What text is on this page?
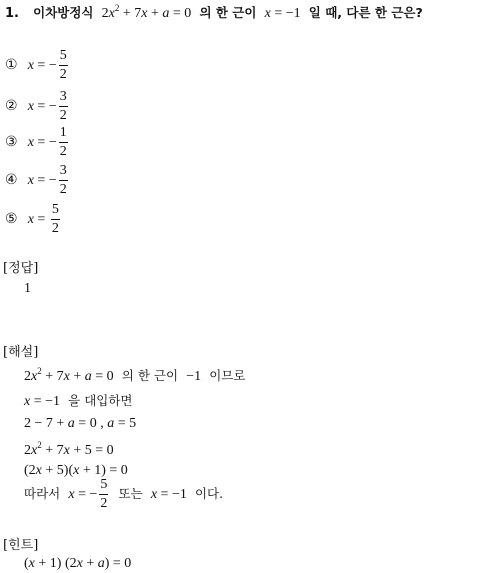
1. 이차방정식 $2x^2 + 7x + a = 0$ 의 한 근이 x = −1 일 때, 다른 한 근은?
① x = − $\frac{5}{2}$
② x = − $\frac{3}{2}$
③ x = − $\frac{1}{2}$
④ x = − $\frac{3}{2}$
⑤ $x = \frac{5}{2}$
[정답]
1
[해설]
$2x^2 + 7x + a = 0$ 의 한 근이 −1 이므로
x = −1 을 대입하면
2 − 7 + a = 0 , a = 5
$2x^2 + 7x + 5 = 0$
(2x + 5)(x + 1) = 0
따라서 x = − $\frac{5}{2}$ 또는 x = −1 이다.
[힌트]
(x + 1) (2x + a) = 0
